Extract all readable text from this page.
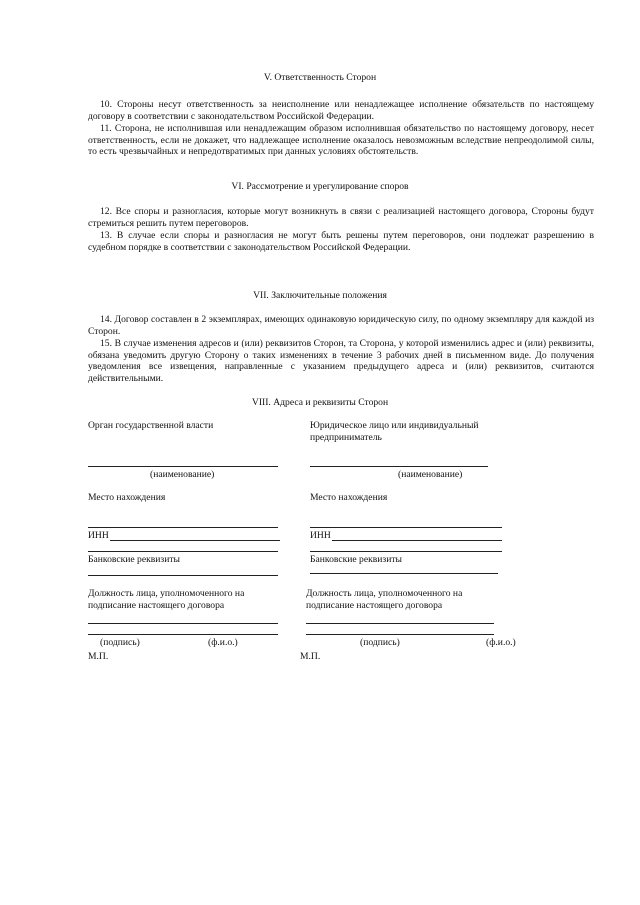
V. Ответственность Сторон
10. Стороны несут ответственность за неисполнение или ненадлежащее исполнение обязательств по настоящему договору в соответствии с законодательством Российской Федерации.
11. Сторона, не исполнившая или ненадлежащим образом исполнившая обязательство по настоящему договору, несет ответственность, если не докажет, что надлежащее исполнение оказалось невозможным вследствие непреодолимой силы, то есть чрезвычайных и непредотвратимых при данных условиях обстоятельств.
VI. Рассмотрение и урегулирование споров
12. Все споры и разногласия, которые могут возникнуть в связи с реализацией настоящего договора, Стороны будут стремиться решить путем переговоров.
13. В случае если споры и разногласия не могут быть решены путем переговоров, они подлежат разрешению в судебном порядке в соответствии с законодательством Российской Федерации.
VII. Заключительные положения
14. Договор составлен в 2 экземплярах, имеющих одинаковую юридическую силу, по одному экземпляру для каждой из Сторон.
15. В случае изменения адресов и (или) реквизитов Сторон, та Сторона, у которой изменились адрес и (или) реквизиты, обязана уведомить другую Сторону о таких изменениях в течение 3 рабочих дней в письменном виде. До получения уведомления все извещения, направленные с указанием предыдущего адреса и (или) реквизитов, считаются действительными.
VIII. Адреса и реквизиты Сторон
Орган государственной власти
(наименование)
Место нахождения
ИНН
Банковские реквизиты
Должность лица, уполномоченного на подписание настоящего договора
(подпись)	(ф.и.о.)
М.П.
Юридическое лицо или индивидуальный предприниматель
(наименование)
Место нахождения
ИНН
Банковские реквизиты
Должность лица, уполномоченного на подписание настоящего договора
(подпись)	(ф.и.о.)
М.П.
